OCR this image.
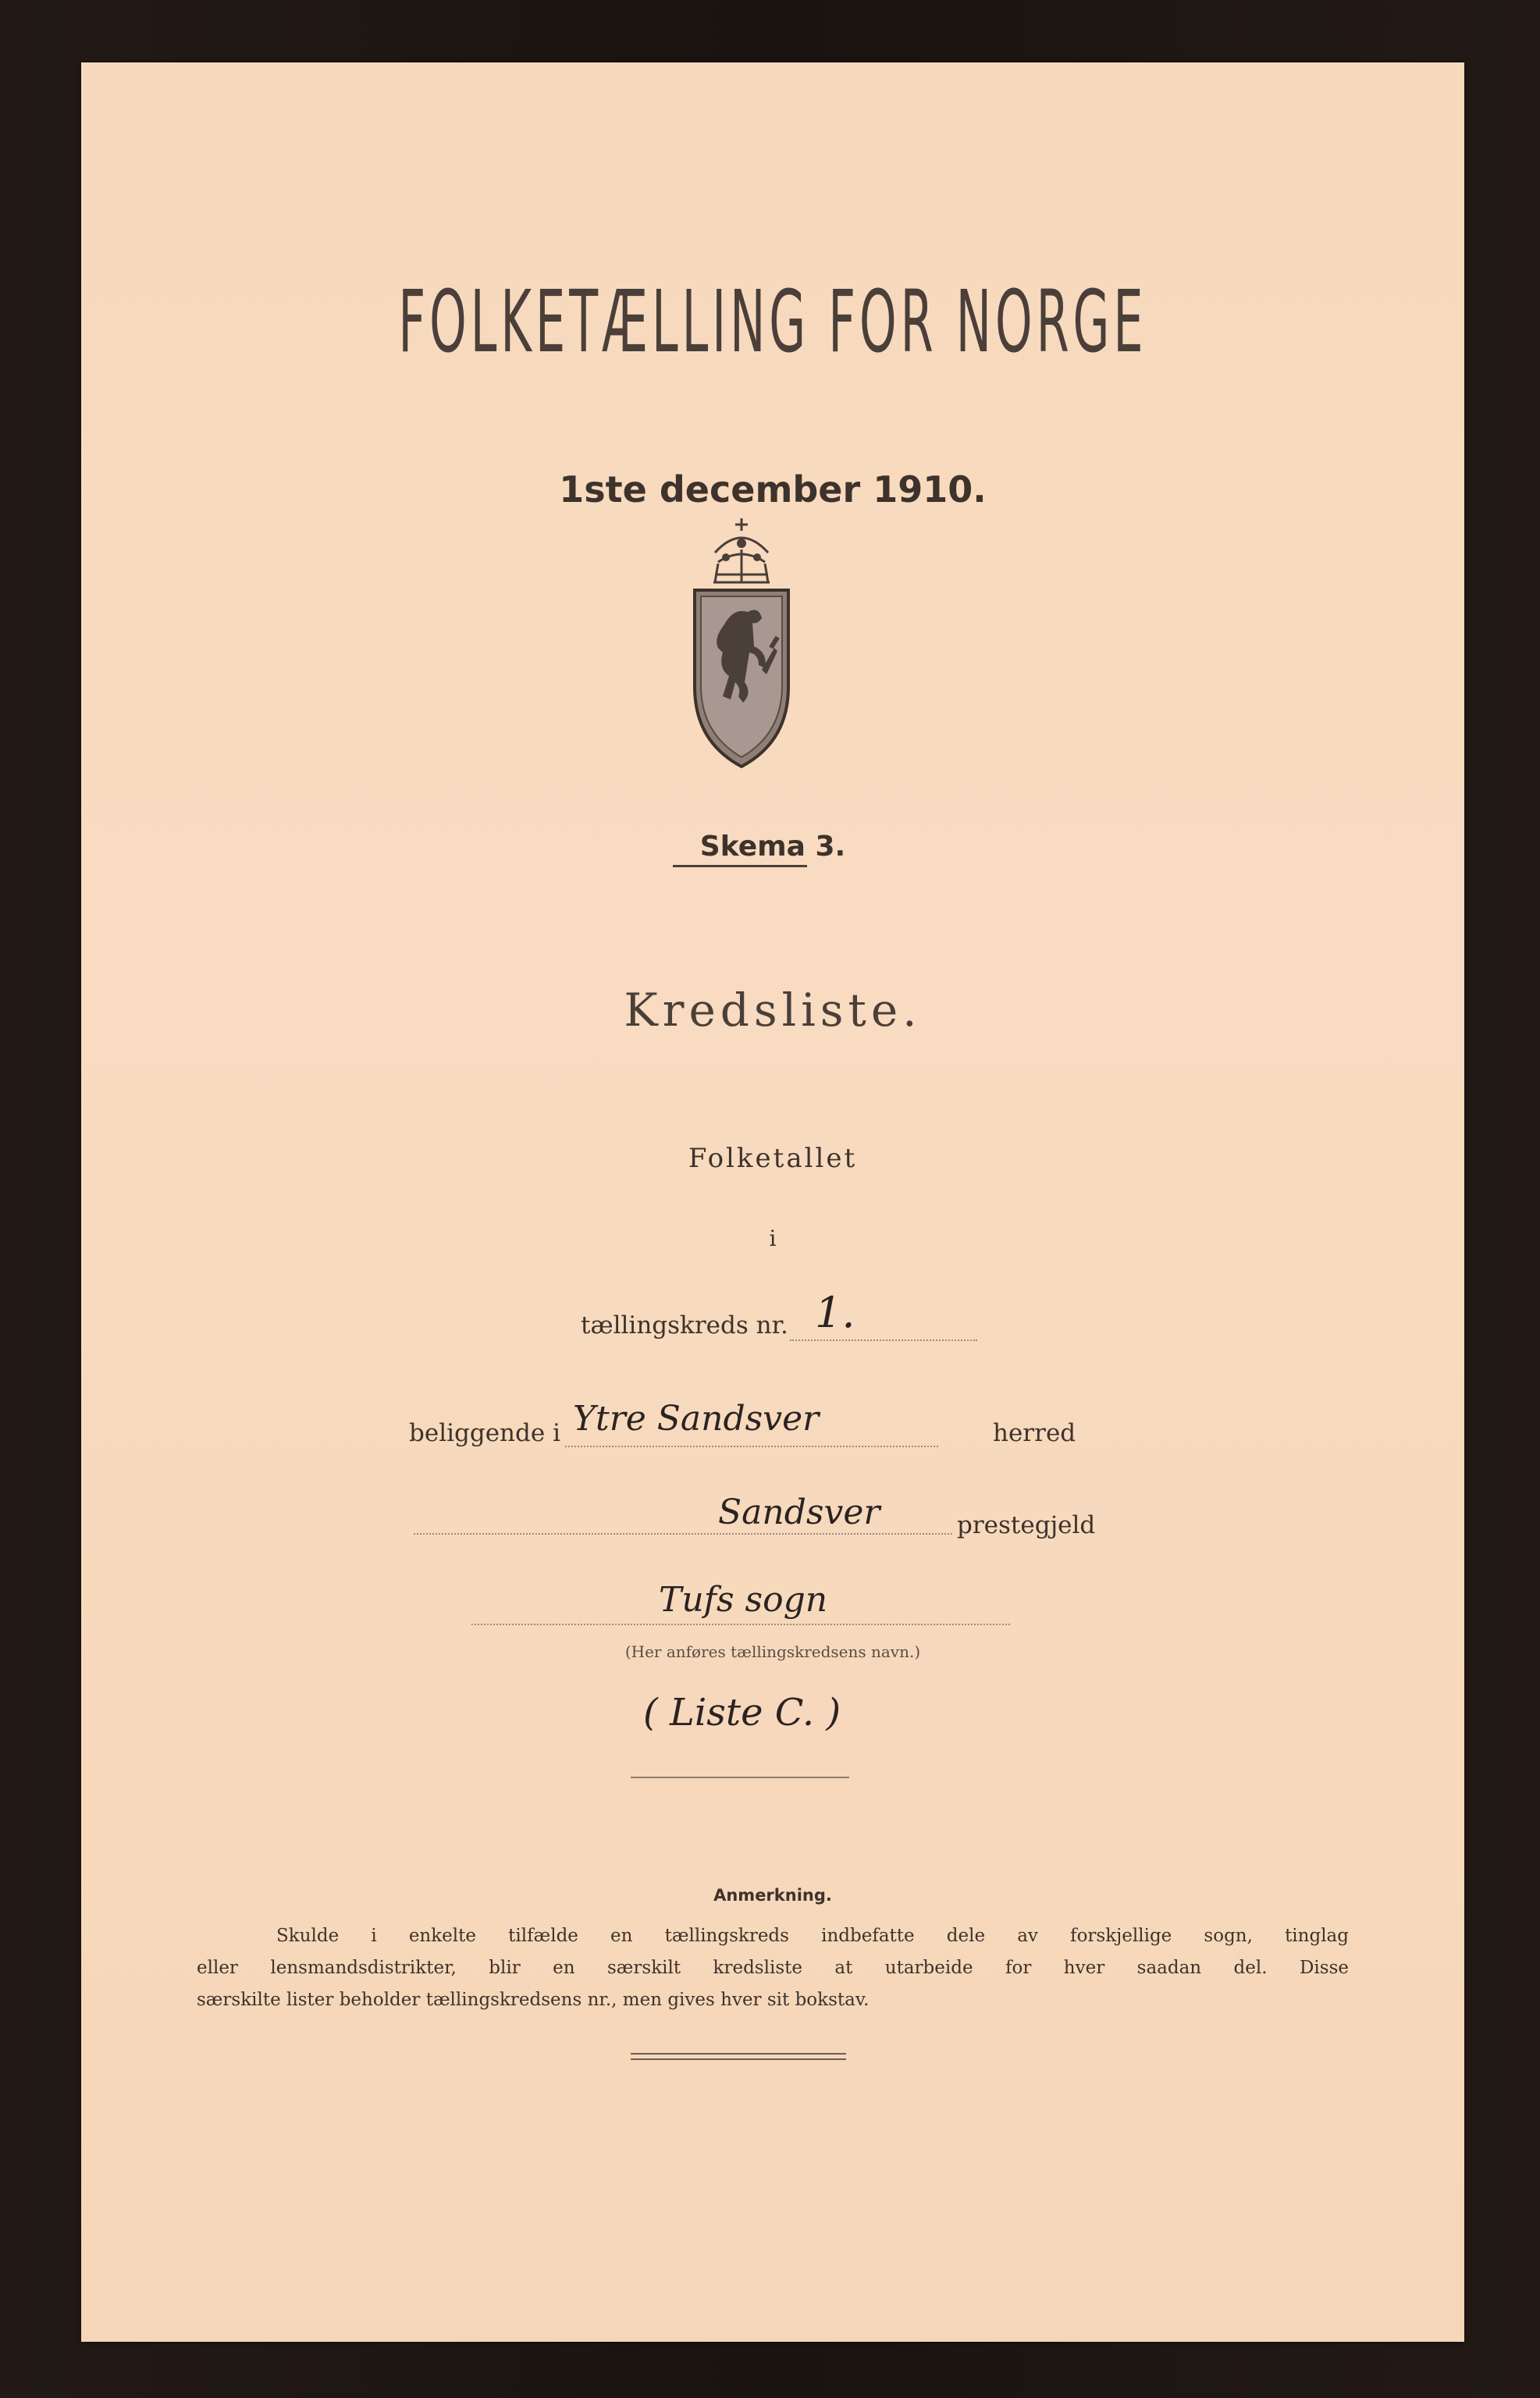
FOLKETÆLLING FOR NORGE
1ste december 1910.
Skema 3.
Kredsliste.
Folketallet
i
tællingskreds nr. 1.
beliggende i Ytre Sandsver	herred
Sandsver	prestegjeld
Tufs sogn
(Her anføres tællingskredsens navn.)
( Liste C. )
Anmerkning.
Skulde i enkelte tilfælde en tællingskreds indbefatte dele av forskjellige sogn, tinglag
eller lensmandsdistrikter, blir en særskilt kredsliste at utarbeide for hver saadan del. Disse
særskilte lister beholder tællingskredsens nr., men gives hver sit bokstav.
